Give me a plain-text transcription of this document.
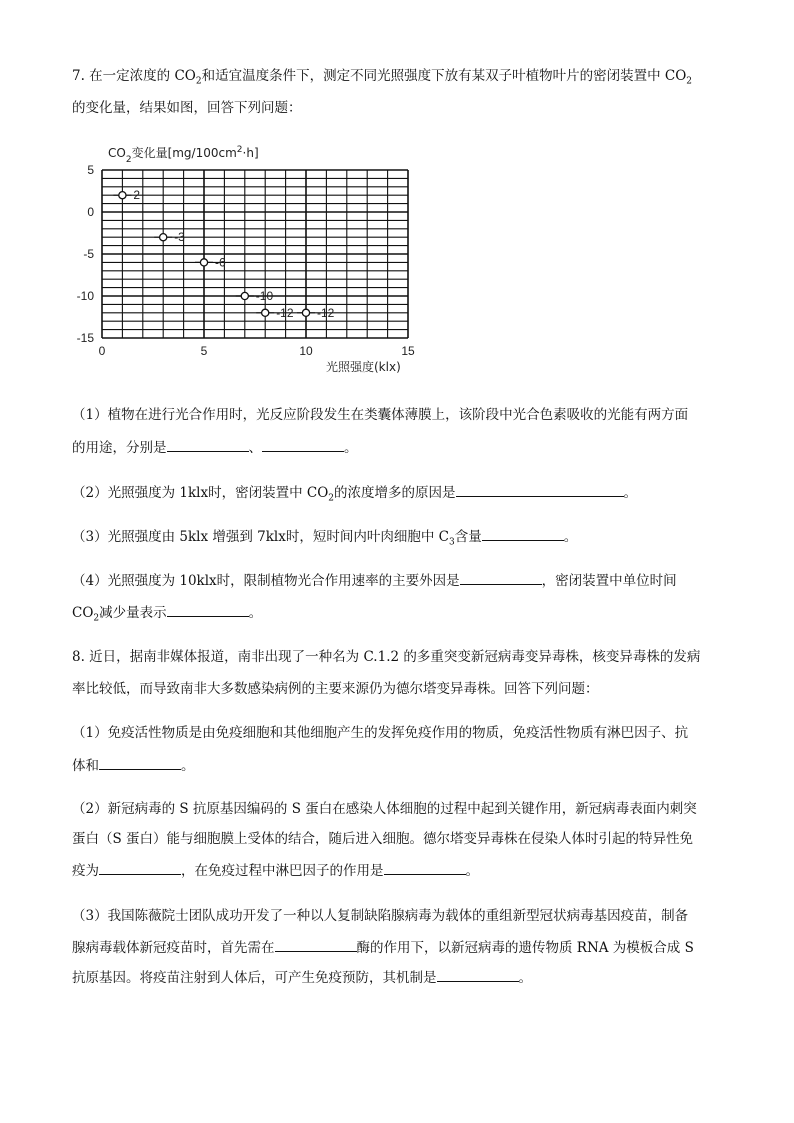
7. 在一定浓度的 $CO_2$和适宜温度条件下，测定不同光照强度下放有某双子叶植物叶片的密闭装置中 $CO_2$
的变化量，结果如图，回答下列问题：
$CO_2$变化量$[mg/100cm^2\cdot h]$
5
0
-5
-10
-15
0	5	10	15
2
-3
-6
-10
-12 -12
光照强度(klx)
（1）植物在进行光合作用时，光反应阶段发生在类囊体薄膜上，该阶段中光合色素吸收的光能有两方面
的用途，分别是	、	。
（2）光照强度为 1klx时，密闭装置中 $CO_2$的浓度增多的原因是	。
（3）光照强度由 5klx 增强到 7klx时，短时间内叶肉细胞中 $C_3$含量	。
（4）光照强度为 10klx时，限制植物光合作用速率的主要外因是	，密闭装置中单位时间
$CO_2$减少量表示	。
8. 近日，据南非媒体报道，南非出现了一种名为 C.1.2 的多重突变新冠病毒变异毒株，核变异毒株的发病
率比较低，而导致南非大多数感染病例的主要来源仍为德尔塔变异毒株。回答下列问题：
（1）免疫活性物质是由免疫细胞和其他细胞产生的发挥免疫作用的物质，免疫活性物质有淋巴因子、抗
体和	。
（2）新冠病毒的 S 抗原基因编码的 S 蛋白在感染人体细胞的过程中起到关键作用，新冠病毒表面内刺突
蛋白（S 蛋白）能与细胞膜上受体的结合，随后进入细胞。德尔塔变异毒株在侵染人体时引起的特异性免
疫为	，在免疫过程中淋巴因子的作用是	。
（3）我国陈薇院士团队成功开发了一种以人复制缺陷腺病毒为载体的重组新型冠状病毒基因疫苗，制备
腺病毒载体新冠疫苗时，首先需在	酶的作用下，以新冠病毒的遗传物质 RNA 为模板合成 S
抗原基因。将疫苗注射到人体后，可产生免疫预防，其机制是	。
